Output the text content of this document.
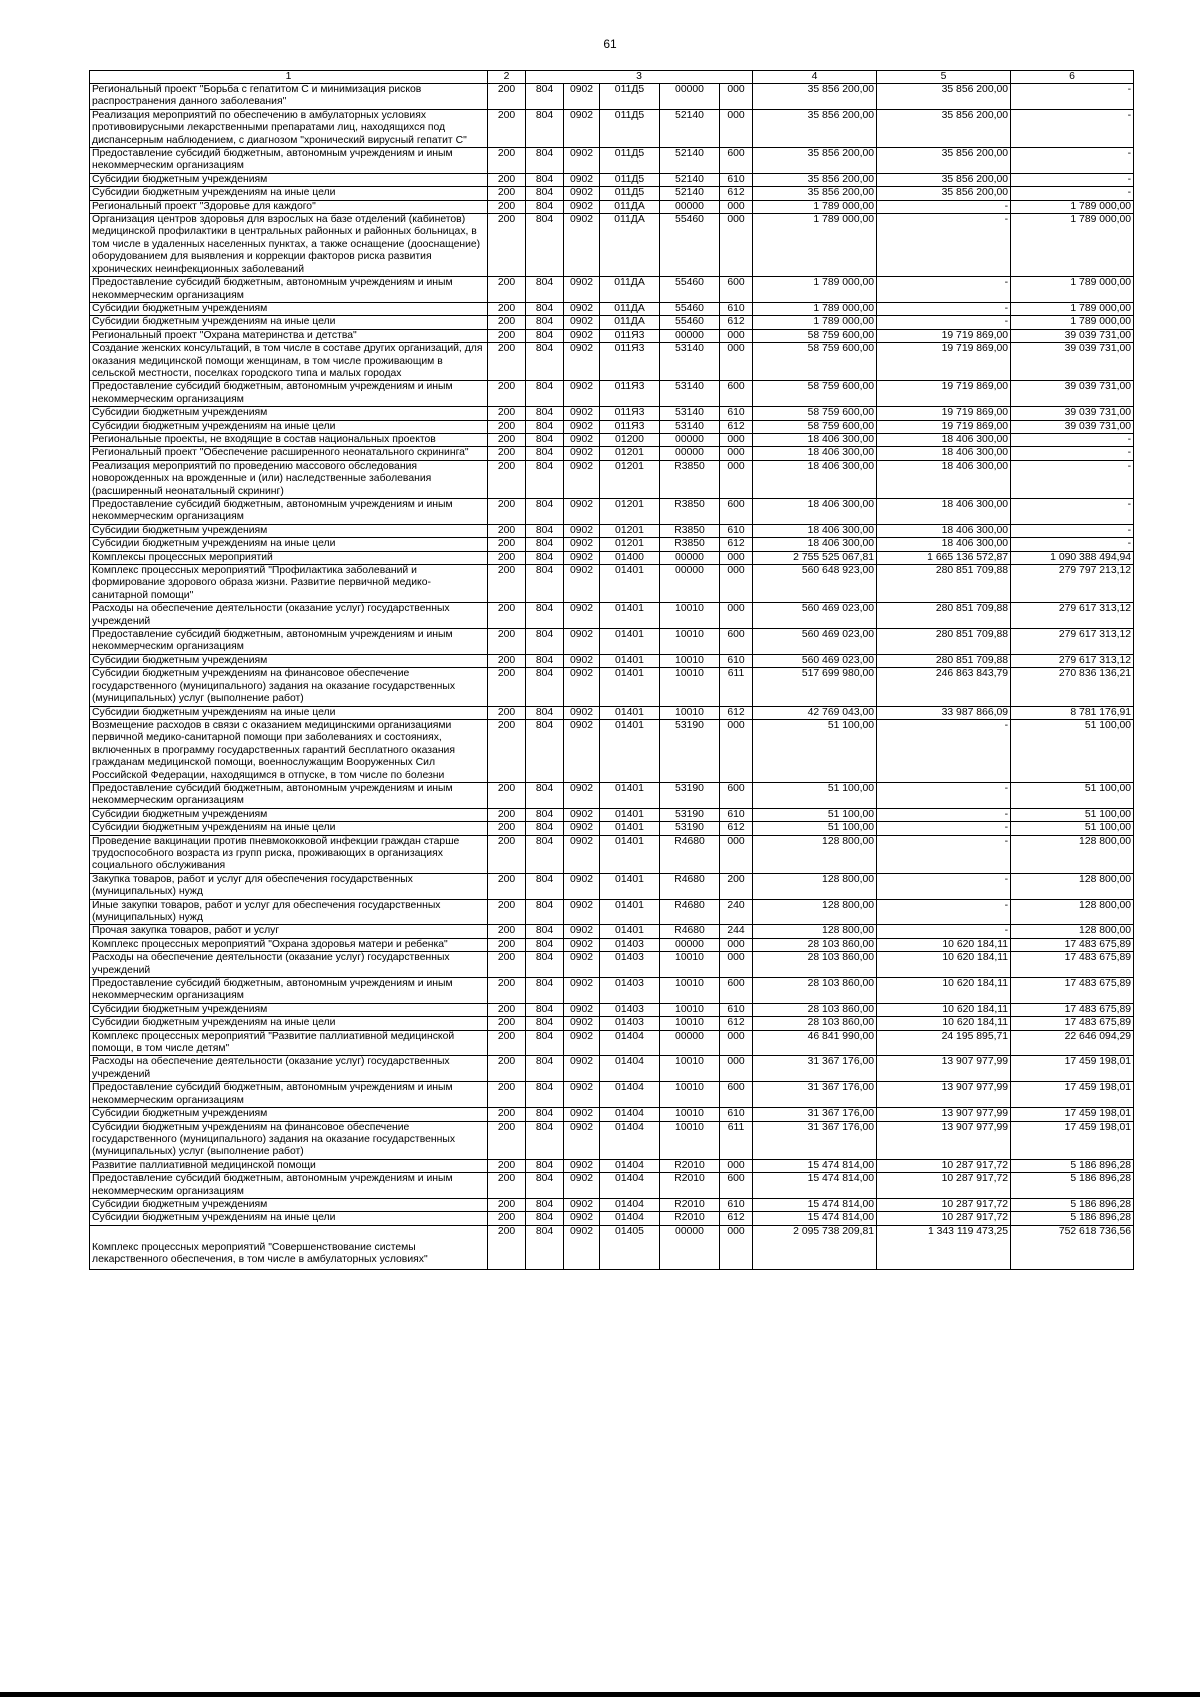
61
1	2	3					4	5	6
Региональный проект "Борьба с гепатитом С и минимизация рисков распространения данного заболевания"	200	804	0902	011Д5	00000	000	35 856 200,00	35 856 200,00	-
Реализация мероприятий по обеспечению в амбулаторных условиях противовирусными лекарственными препаратами лиц, находящихся под диспансерным наблюдением, с диагнозом "хронический вирусный гепатит С"	200	804	0902	011Д5	52140	000	35 856 200,00	35 856 200,00	-
Предоставление субсидий бюджетным, автономным учреждениям и иным некоммерческим организациям	200	804	0902	011Д5	52140	600	35 856 200,00	35 856 200,00	-
Субсидии бюджетным учреждениям	200	804	0902	011Д5	52140	610	35 856 200,00	35 856 200,00	-
Субсидии бюджетным учреждениям на иные цели	200	804	0902	011Д5	52140	612	35 856 200,00	35 856 200,00	-
Региональный проект "Здоровье для каждого"	200	804	0902	011ДА	00000	000	1 789 000,00	-	1 789 000,00
Организация центров здоровья для взрослых на базе отделений (кабинетов) медицинской профилактики в центральных районных и районных больницах, в том числе в удаленных населенных пунктах, а также оснащение (дооснащение) оборудованием для выявления и коррекции факторов риска развития хронических неинфекционных заболеваний	200	804	0902	011ДА	55460	000	1 789 000,00	-	1 789 000,00
Предоставление субсидий бюджетным, автономным учреждениям и иным некоммерческим организациям	200	804	0902	011ДА	55460	600	1 789 000,00	-	1 789 000,00
Субсидии бюджетным учреждениям	200	804	0902	011ДА	55460	610	1 789 000,00	-	1 789 000,00
Субсидии бюджетным учреждениям на иные цели	200	804	0902	011ДА	55460	612	1 789 000,00	-	1 789 000,00
Региональный проект "Охрана материнства и детства"	200	804	0902	011Я3	00000	000	58 759 600,00	19 719 869,00	39 039 731,00
Создание женских консультаций, в том числе в составе других организаций, для оказания медицинской помощи женщинам, в том числе проживающим в сельской местности, поселках городского типа и малых городах	200	804	0902	011Я3	53140	000	58 759 600,00	19 719 869,00	39 039 731,00
Предоставление субсидий бюджетным, автономным учреждениям и иным некоммерческим организациям	200	804	0902	011Я3	53140	600	58 759 600,00	19 719 869,00	39 039 731,00
Субсидии бюджетным учреждениям	200	804	0902	011Я3	53140	610	58 759 600,00	19 719 869,00	39 039 731,00
Субсидии бюджетным учреждениям на иные цели	200	804	0902	011Я3	53140	612	58 759 600,00	19 719 869,00	39 039 731,00
Региональные проекты, не входящие в состав национальных проектов	200	804	0902	01200	00000	000	18 406 300,00	18 406 300,00	-
Региональный проект "Обеспечение расширенного неонатального скрининга"	200	804	0902	01201	00000	000	18 406 300,00	18 406 300,00	-
Реализация мероприятий по проведению массового обследования новорожденных на врожденные и (или) наследственные заболевания (расширенный неонатальный скрининг)	200	804	0902	01201	R3850	000	18 406 300,00	18 406 300,00	-
Предоставление субсидий бюджетным, автономным учреждениям и иным некоммерческим организациям	200	804	0902	01201	R3850	600	18 406 300,00	18 406 300,00	-
Субсидии бюджетным учреждениям	200	804	0902	01201	R3850	610	18 406 300,00	18 406 300,00	-
Субсидии бюджетным учреждениям на иные цели	200	804	0902	01201	R3850	612	18 406 300,00	18 406 300,00	-
Комплексы процессных мероприятий	200	804	0902	01400	00000	000	2 755 525 067,81	1 665 136 572,87	1 090 388 494,94
Комплекс процессных мероприятий "Профилактика заболеваний и формирование здорового образа жизни. Развитие первичной медико-санитарной помощи"	200	804	0902	01401	00000	000	560 648 923,00	280 851 709,88	279 797 213,12
Расходы на обеспечение деятельности (оказание услуг) государственных учреждений	200	804	0902	01401	10010	000	560 469 023,00	280 851 709,88	279 617 313,12
Предоставление субсидий бюджетным, автономным учреждениям и иным некоммерческим организациям	200	804	0902	01401	10010	600	560 469 023,00	280 851 709,88	279 617 313,12
Субсидии бюджетным учреждениям	200	804	0902	01401	10010	610	560 469 023,00	280 851 709,88	279 617 313,12
Субсидии бюджетным учреждениям на финансовое обеспечение государственного (муниципального) задания на оказание государственных (муниципальных) услуг (выполнение работ)	200	804	0902	01401	10010	611	517 699 980,00	246 863 843,79	270 836 136,21
Субсидии бюджетным учреждениям на иные цели	200	804	0902	01401	10010	612	42 769 043,00	33 987 866,09	8 781 176,91
Возмещение расходов в связи с оказанием медицинскими организациями первичной медико-санитарной помощи при заболеваниях и состояниях, включенных в программу государственных гарантий бесплатного оказания гражданам медицинской помощи, военнослужащим Вооруженных Сил Российской Федерации, находящимся в отпуске, в том числе по болезни	200	804	0902	01401	53190	000	51 100,00	-	51 100,00
Предоставление субсидий бюджетным, автономным учреждениям и иным некоммерческим организациям	200	804	0902	01401	53190	600	51 100,00	-	51 100,00
Субсидии бюджетным учреждениям	200	804	0902	01401	53190	610	51 100,00	-	51 100,00
Субсидии бюджетным учреждениям на иные цели	200	804	0902	01401	53190	612	51 100,00	-	51 100,00
Проведение вакцинации против пневмококковой инфекции граждан старше трудоспособного возраста из групп риска, проживающих в организациях социального обслуживания	200	804	0902	01401	R4680	000	128 800,00	-	128 800,00
Закупка товаров, работ и услуг для обеспечения государственных (муниципальных) нужд	200	804	0902	01401	R4680	200	128 800,00	-	128 800,00
Иные закупки товаров, работ и услуг для обеспечения государственных (муниципальных) нужд	200	804	0902	01401	R4680	240	128 800,00	-	128 800,00
Прочая закупка товаров, работ и услуг	200	804	0902	01401	R4680	244	128 800,00	-	128 800,00
Комплекс процессных мероприятий "Охрана здоровья матери и ребенка"	200	804	0902	01403	00000	000	28 103 860,00	10 620 184,11	17 483 675,89
Расходы на обеспечение деятельности (оказание услуг) государственных учреждений	200	804	0902	01403	10010	000	28 103 860,00	10 620 184,11	17 483 675,89
Предоставление субсидий бюджетным, автономным учреждениям и иным некоммерческим организациям	200	804	0902	01403	10010	600	28 103 860,00	10 620 184,11	17 483 675,89
Субсидии бюджетным учреждениям	200	804	0902	01403	10010	610	28 103 860,00	10 620 184,11	17 483 675,89
Субсидии бюджетным учреждениям на иные цели	200	804	0902	01403	10010	612	28 103 860,00	10 620 184,11	17 483 675,89
Комплекс процессных мероприятий "Развитие паллиативной медицинской помощи, в том числе детям"	200	804	0902	01404	00000	000	46 841 990,00	24 195 895,71	22 646 094,29
Расходы на обеспечение деятельности (оказание услуг) государственных учреждений	200	804	0902	01404	10010	000	31 367 176,00	13 907 977,99	17 459 198,01
Предоставление субсидий бюджетным, автономным учреждениям и иным некоммерческим организациям	200	804	0902	01404	10010	600	31 367 176,00	13 907 977,99	17 459 198,01
Субсидии бюджетным учреждениям	200	804	0902	01404	10010	610	31 367 176,00	13 907 977,99	17 459 198,01
Субсидии бюджетным учреждениям на финансовое обеспечение государственного (муниципального) задания на оказание государственных (муниципальных) услуг (выполнение работ)	200	804	0902	01404	10010	611	31 367 176,00	13 907 977,99	17 459 198,01
Развитие паллиативной медицинской помощи	200	804	0902	01404	R2010	000	15 474 814,00	10 287 917,72	5 186 896,28
Предоставление субсидий бюджетным, автономным учреждениям и иным некоммерческим организациям	200	804	0902	01404	R2010	600	15 474 814,00	10 287 917,72	5 186 896,28
Субсидии бюджетным учреждениям	200	804	0902	01404	R2010	610	15 474 814,00	10 287 917,72	5 186 896,28
Субсидии бюджетным учреждениям на иные цели	200	804	0902	01404	R2010	612	15 474 814,00	10 287 917,72	5 186 896,28
Комплекс процессных мероприятий "Совершенствование системы лекарственного обеспечения, в том числе в амбулаторных условиях"	200	804	0902	01405	00000	000	2 095 738 209,81	1 343 119 473,25	752 618 736,56
